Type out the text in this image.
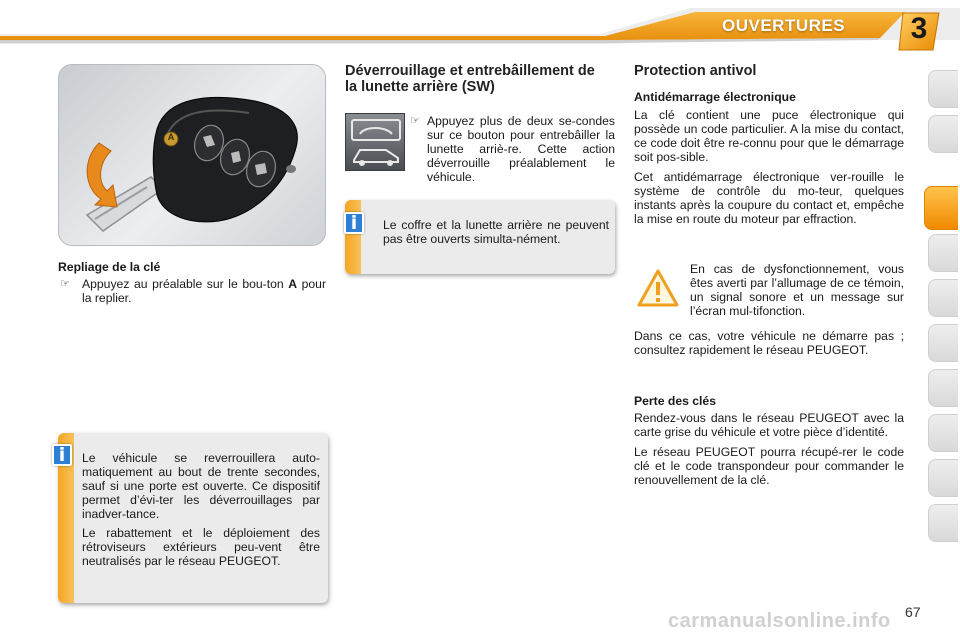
OUVERTURES	3
A
Repliage de la clé
☞ Appuyez au préalable sur le bou-ton A pour la replier.

Le véhicule se reverrouillera auto-matiquement au bout de trente secondes, sauf si une porte est ouverte. Ce dispositif permet d’évi-ter les déverrouillages par inadver-tance.

Le rabattement et le déploiement des rétroviseurs extérieurs peu-vent être neutralisés par le réseau PEUGEOT.

i
Déverrouillage et entrebâillement de la lunette arrière (SW)
☞ Appuyez plus de deux se-condes sur ce bouton pour entrebâiller la lunette arriè-re. Cette action déverrouille préalablement le véhicule.
Le coffre et la lunette arrière ne peuvent pas être ouverts simulta-nément.
i
Protection antivol
Antidémarrage électronique

La clé contient une puce électronique qui possède un code particulier. A la mise du contact, ce code doit être re-connu pour que le démarrage soit pos-sible.

Cet antidémarrage électronique ver-rouille le système de contrôle du mo-teur, quelques instants après la coupure du contact et, empêche la mise en route du moteur par effraction.

En cas de dysfonctionnement, vous êtes averti par l’allumage de ce témoin, un signal sonore et un message sur l’écran mul-tifonction.
Dans ce cas, votre véhicule ne démarre pas ; consultez rapidement le réseau PEUGEOT.
Perte des clés

Rendez-vous dans le réseau PEUGEOT avec la carte grise du véhicule et votre pièce d’identité.

Le réseau PEUGEOT pourra récupé-rer le code clé et le code transpondeur pour commander le renouvellement de la clé.

carmanualsonline.info 67
